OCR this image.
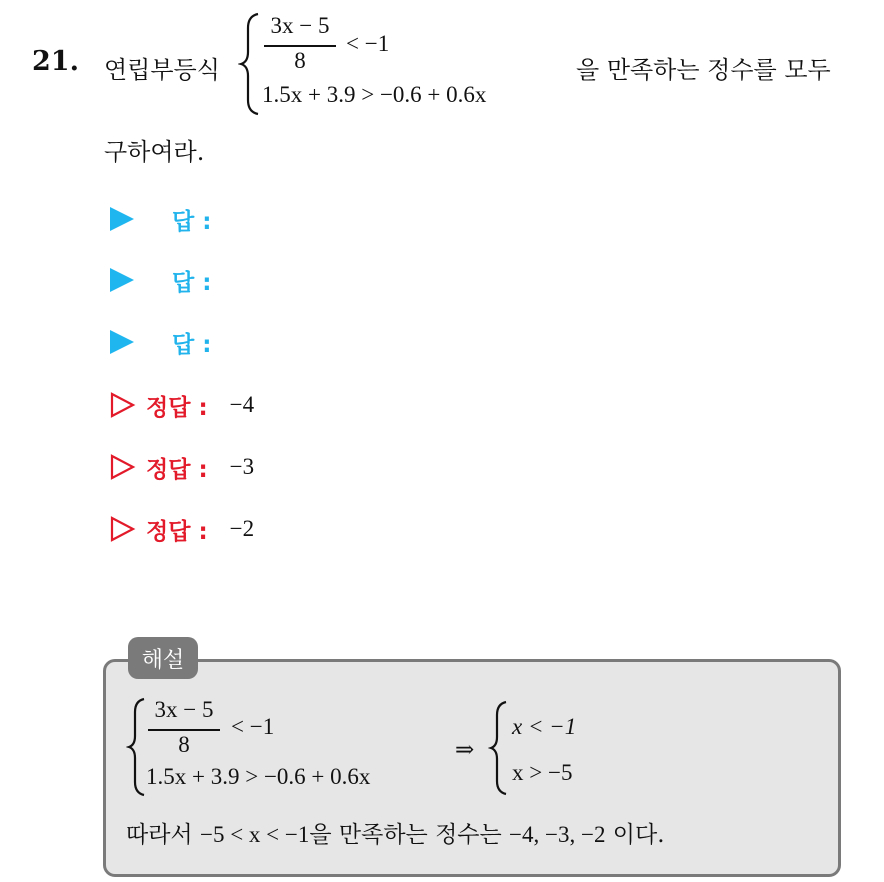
21. 연립부등식
3x − 5
8
< −1
1.5x + 3.9 > −0.6 + 0.6x
을 만족하는 정수를 모두
구하여라.
답 :
답 :
답 :
정답 : −4
정답 : −3
정답 : −2
해설
3x − 5
8
< −1
1.5x + 3.9 > −0.6 + 0.6x
⇒
x < −1
x > −5
따라서 −5 < x < −1을 만족하는 정수는 −4, −3, −2 이다.
